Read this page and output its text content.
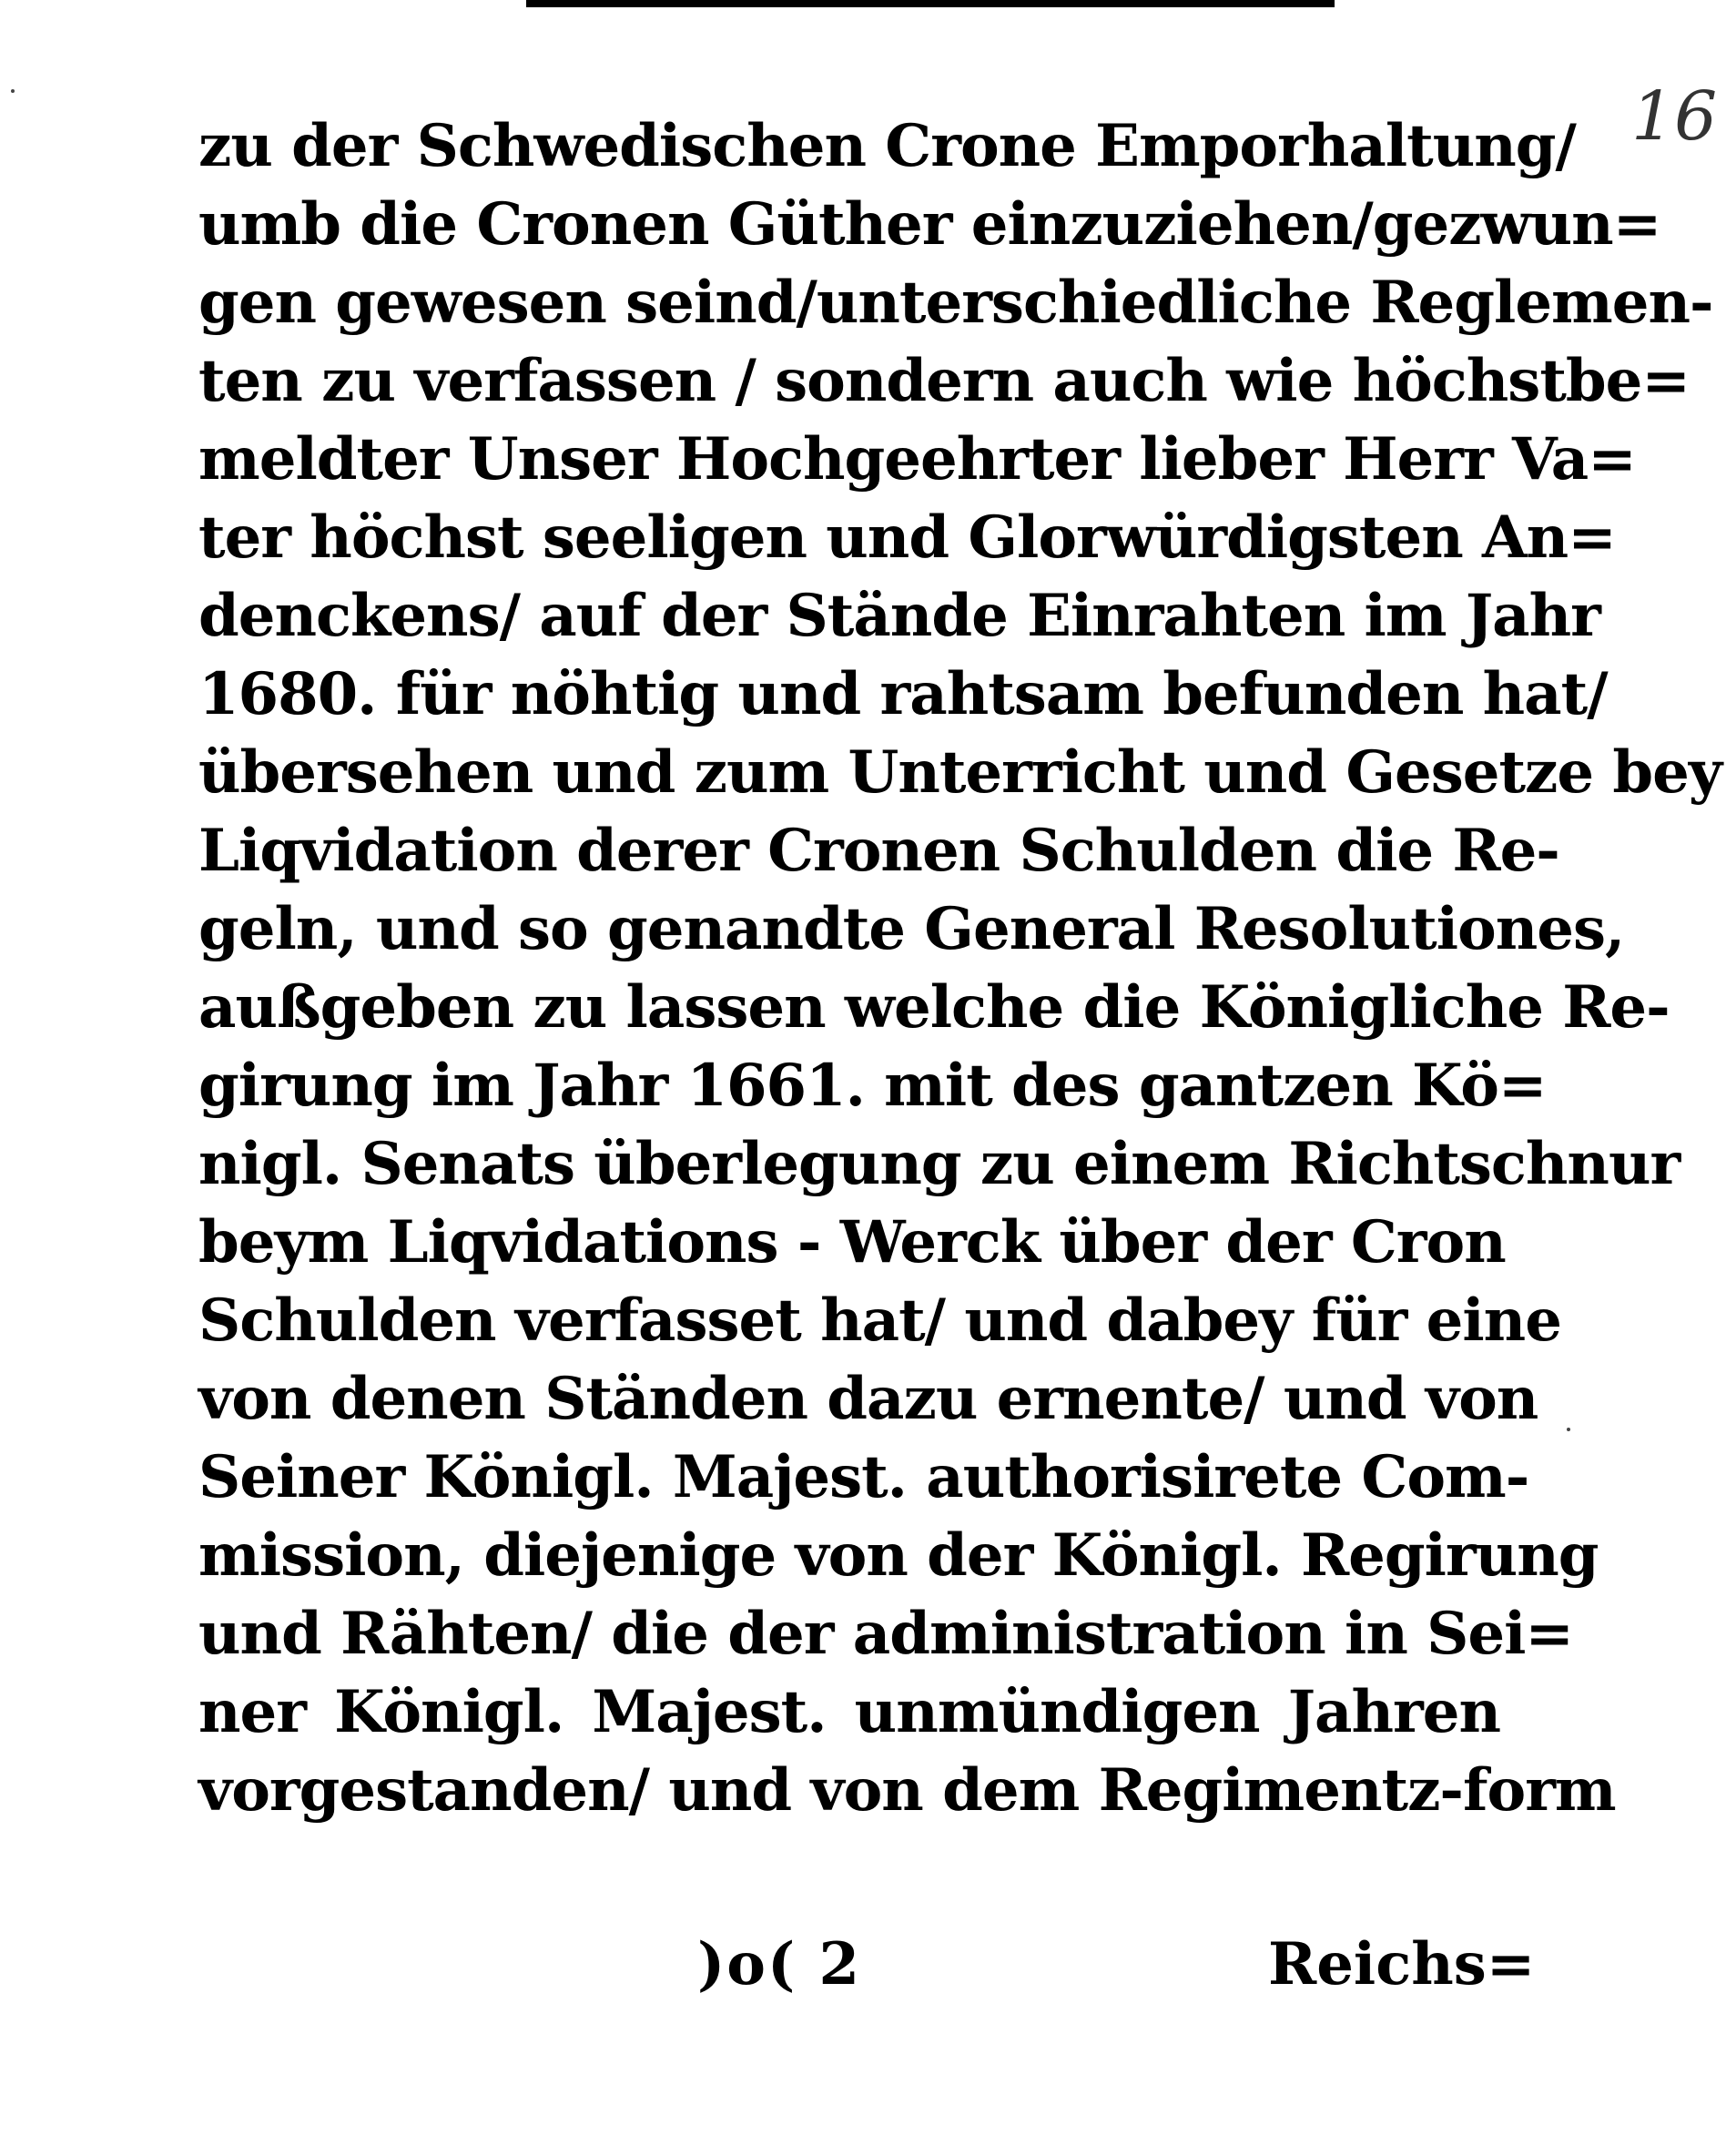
16
zu der Schwedischen Crone Emporhaltung/
umb die Cronen Güther einzuziehen/gezwun=
gen gewesen seind/unterschiedliche Reglemen-
ten zu verfassen / sondern auch wie höchstbe=
meldter Unser Hochgeehrter lieber Herr Va=
ter höchst seeligen und Glorwürdigsten An=
denckens/ auf der Stände Einrahten im Jahr
1680. für nöhtig und rahtsam befunden hat/
übersehen und zum Unterricht und Gesetze bey
Liqvidation derer Cronen Schulden die Re-
geln, und so genandte General Resolutiones,
außgeben zu lassen welche die Königliche Re-
girung im Jahr 1661. mit des gantzen Kö=
nigl. Senats überlegung zu einem Richtschnur
beym Liqvidations - Werck über der Cron
Schulden verfasset hat/ und dabey für eine
von denen Ständen dazu ernente/ und von
Seiner Königl. Majest. authorisirete Com-
mission, diejenige von der Königl. Regirung
und Rähten/ die der administration in Sei=
ner Königl. Majest. unmündigen Jahren
vorgestanden/ und von dem Regimentz-form
)o( 2	Reichs=
